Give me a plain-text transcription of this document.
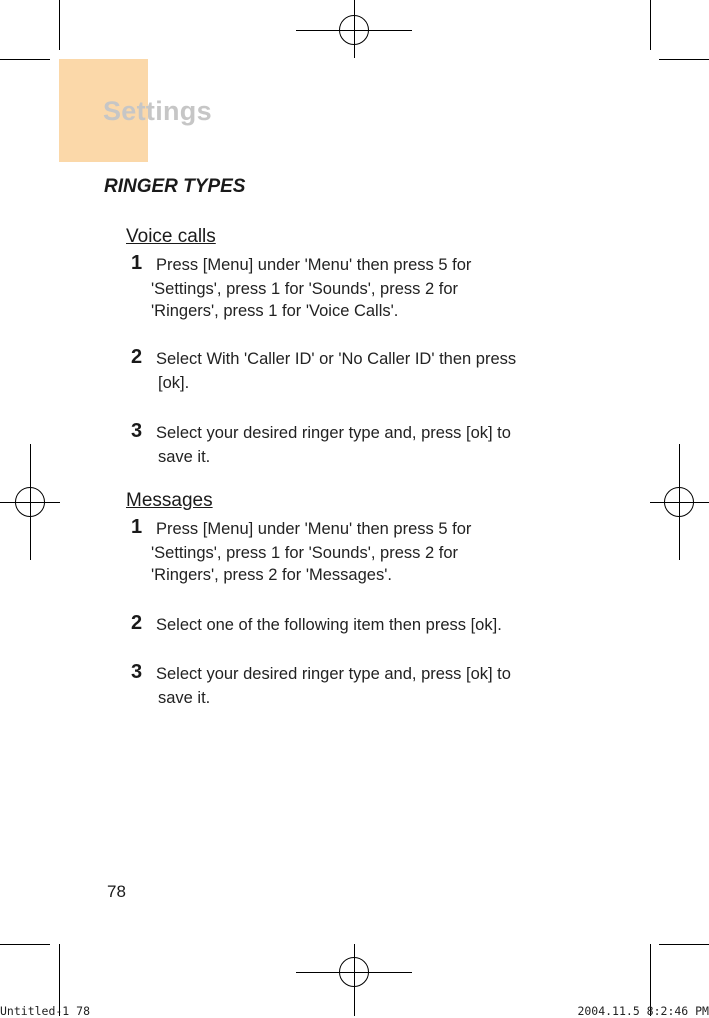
Settings
RINGER TYPES
Voice calls
1 Press [Menu] under 'Menu' then press 5 for
'Settings', press 1 for 'Sounds', press 2 for
'Ringers', press 1 for 'Voice Calls'.
2 Select With 'Caller ID' or 'No Caller ID' then press
[ok].
3 Select your desired ringer type and, press [ok] to
save it.
Messages
1 Press [Menu] under 'Menu' then press 5 for
'Settings', press 1 for 'Sounds', press 2 for
'Ringers', press 2 for 'Messages'.
2 Select one of the following item then press [ok].
3 Select your desired ringer type and, press [ok] to
save it.
78
Untitled-1 78	2004.11.5 8:2:46 PM
